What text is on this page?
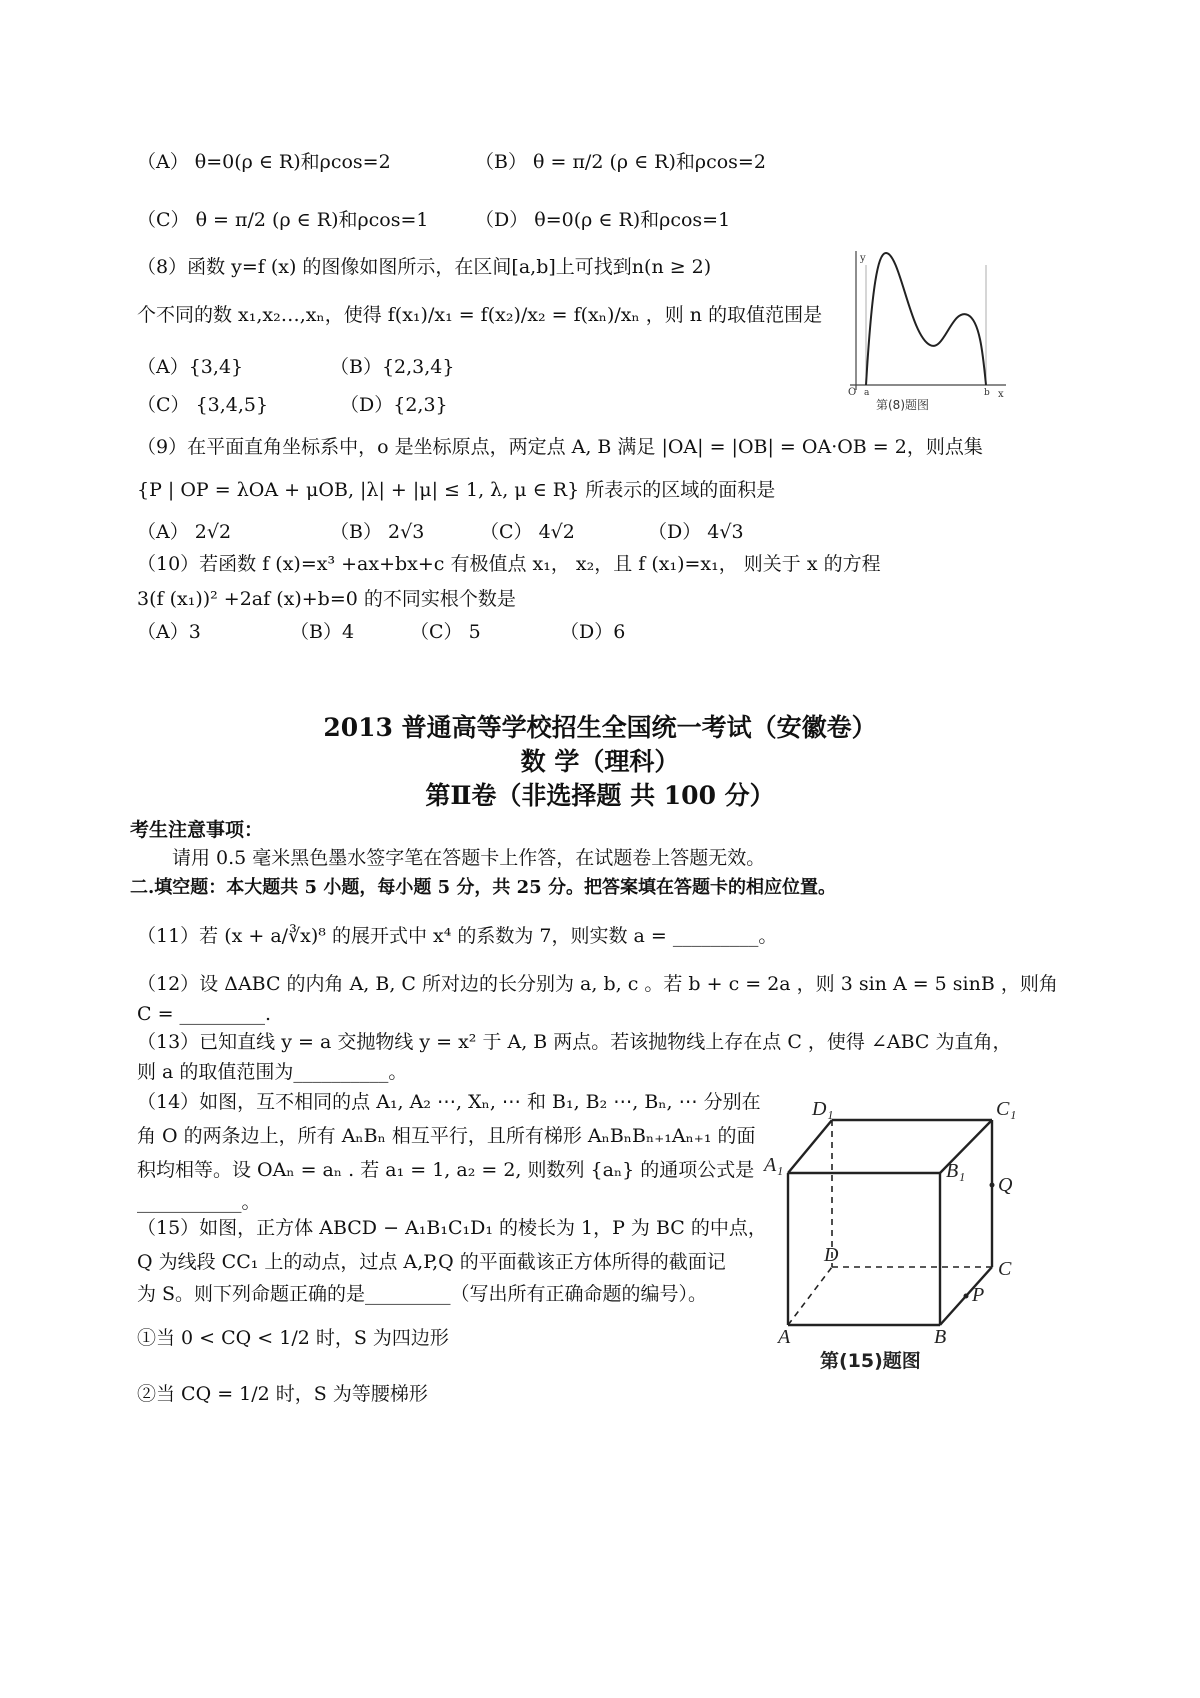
（A） θ=0(ρ ∈ R)和ρcos=2	（B） θ = π/2 (ρ ∈ R)和ρcos=2
（C） θ = π/2 (ρ ∈ R)和ρcos=1 （D） θ=0(ρ ∈ R)和ρcos=1
（8）函数 y=f (x) 的图像如图所示，在区间[a,b]上可找到n(n ≥ 2)
个不同的数 x₁,x₂…,xₙ，使得 f(x₁)/x₁ = f(x₂)/x₂ = f(xₙ)/xₙ ，则 n 的取值范围是
（A）{3,4}	（B）{2,3,4}
（C） {3,4,5}	（D）{2,3}
y
x
O a	b
第(8)题图
（9）在平面直角坐标系中，o 是坐标原点，两定点 A, B 满足 |OA| = |OB| = OA·OB = 2，则点集
{P | OP = λOA + μOB, |λ| + |μ| ≤ 1, λ, μ ∈ R} 所表示的区域的面积是
（A） 2√2	（B） 2√3	（C） 4√2	（D） 4√3
（10）若函数 f (x)=x³ +ax+bx+c 有极值点 x₁， x₂，且 f (x₁)=x₁， 则关于 x 的方程
3(f (x₁))² +2af (x)+b=0 的不同实根个数是
（A）3	（B）4	（C） 5	（D）6
2013 普通高等学校招生全国统一考试（安徽卷）
数 学（理科）
第Ⅱ卷（非选择题 共 100 分）
考生注意事项：
请用 0.5 毫米黑色墨水签字笔在答题卡上作答，在试题卷上答题无效。
二.填空题：本大题共 5 小题，每小题 5 分，共 25 分。把答案填在答题卡的相应位置。
（11）若 (x + a/∛x)⁸ 的展开式中 x⁴ 的系数为 7，则实数 a = _________。
（12）设 ΔABC 的内角 A, B, C 所对边的长分别为 a, b, c 。若 b + c = 2a ，则 3 sin A = 5 sinB ，则角
C = _________.
（13）已知直线 y = a 交抛物线 y = x² 于 A, B 两点。若该抛物线上存在点 C ，使得 ∠ABC 为直角，
则 a 的取值范围为__________。
（14）如图，互不相同的点 A₁, A₂ ⋯, Xₙ, ⋯ 和 B₁, B₂ ⋯, Bₙ, ⋯ 分别在
角 O 的两条边上，所有 AₙBₙ 相互平行，且所有梯形 AₙBₙBₙ₊₁Aₙ₊₁ 的面
积均相等。设 OAₙ = aₙ . 若 a₁ = 1, a₂ = 2, 则数列 {aₙ} 的通项公式是
___________。
（15）如图，正方体 ABCD − A₁B₁C₁D₁ 的棱长为 1，P 为 BC 的中点，
Q 为线段 CC₁ 上的动点，过点 A,P,Q 的平面截该正方体所得的截面记
为 S。则下列命题正确的是_________（写出所有正确命题的编号）。
①当 0 < CQ < 1/2 时，S 为四边形
②当 CQ = 1/2 时，S 为等腰梯形
D₁	C₁
A₁	B₁
Q
D
C
P
A	B
第(15)题图
